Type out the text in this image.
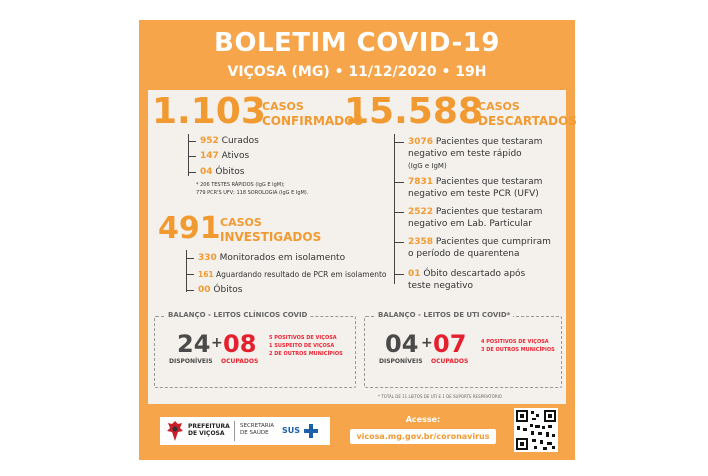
BOLETIM COVID-19
VIÇOSA (MG) • 11/12/2020 • 19H
1.103
CASOS
CONFIRMADOS
952 Curados
147 Ativos
04 Óbitos
* 206 TESTES RÁPIDOS (IgG E IgM);
779 PCR'S UFV; 118 SOROLOGIA (IgG E IgM).
491 CASOS
INVESTIGADOS
330 Monitorados em isolamento
161 Aguardando resultado de PCR em isolamento
00 Óbitos
15.588
CASOS
DESCARTADOS
3076 Pacientes que testaram
negativo em teste rápido
(IgG e IgM)
7831 Pacientes que testaram
negativo em teste PCR (UFV)
2522 Pacientes que testaram
negativo em Lab. Particular
2358 Pacientes que cumpriram
o período de quarentena
01 Óbito descartado após
teste negativo
BALANÇO - LEITOS CLÍNICOS COVID
24
DISPONÍVEIS
+ 08
OCUPADOS
5 POSITIVOS DE VIÇOSA
1 SUSPEITO DE VIÇOSA
2 DE OUTROS MUNICÍPIOS
BALANÇO - LEITOS DE UTI COVID*
04
DISPONÍVEIS
+ 07
OCUPADOS
4 POSITIVOS DE VIÇOSA
3 DE OUTROS MUNICÍPIOS
* TOTAL DE 11 LEITOS DE UTI E 1 DE SUPORTE RESPIRATÓRIO
PREFEITURA
DE VIÇOSA
SECRETARIA
DE SAÚDE	SUS
Acesse:
vicosa.mg.gov.br/coronavirus
